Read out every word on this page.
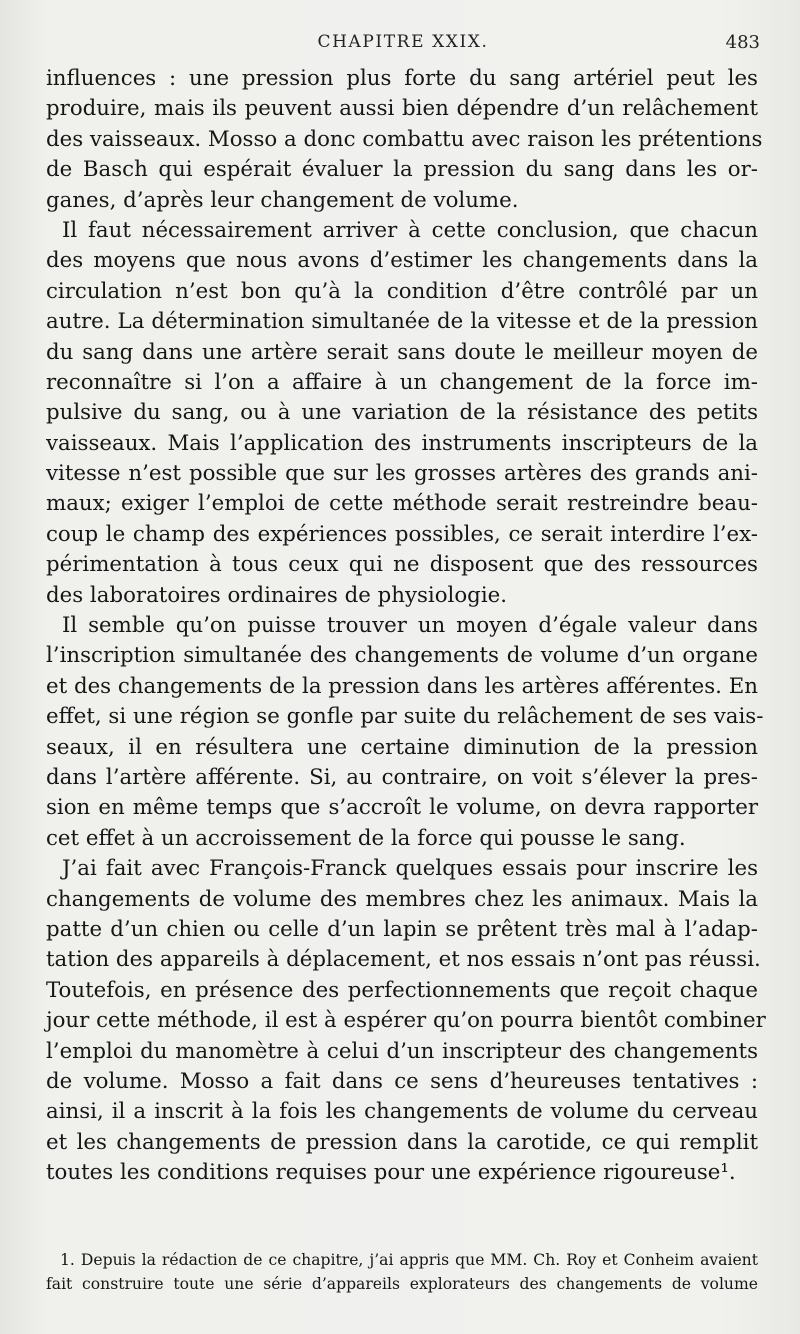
CHAPITRE XXIX.	483
influences : une pression plus forte du sang artériel peut les
produire, mais ils peuvent aussi bien dépendre d’un relâchement
des vaisseaux. Mosso a donc combattu avec raison les prétentions
de Basch qui espérait évaluer la pression du sang dans les or-
ganes, d’après leur changement de volume.
Il faut nécessairement arriver à cette conclusion, que chacun
des moyens que nous avons d’estimer les changements dans la
circulation n’est bon qu’à la condition d’être contrôlé par un
autre. La détermination simultanée de la vitesse et de la pression
du sang dans une artère serait sans doute le meilleur moyen de
reconnaître si l’on a affaire à un changement de la force im-
pulsive du sang, ou à une variation de la résistance des petits
vaisseaux. Mais l’application des instruments inscripteurs de la
vitesse n’est possible que sur les grosses artères des grands ani-
maux; exiger l’emploi de cette méthode serait restreindre beau-
coup le champ des expériences possibles, ce serait interdire l’ex-
périmentation à tous ceux qui ne disposent que des ressources
des laboratoires ordinaires de physiologie.
Il semble qu’on puisse trouver un moyen d’égale valeur dans
l’inscription simultanée des changements de volume d’un organe
et des changements de la pression dans les artères afférentes. En
effet, si une région se gonfle par suite du relâchement de ses vais-
seaux, il en résultera une certaine diminution de la pression
dans l’artère afférente. Si, au contraire, on voit s’élever la pres-
sion en même temps que s’accroît le volume, on devra rapporter
cet effet à un accroissement de la force qui pousse le sang.
J’ai fait avec François-Franck quelques essais pour inscrire les
changements de volume des membres chez les animaux. Mais la
patte d’un chien ou celle d’un lapin se prêtent très mal à l’adap-
tation des appareils à déplacement, et nos essais n’ont pas réussi.
Toutefois, en présence des perfectionnements que reçoit chaque
jour cette méthode, il est à espérer qu’on pourra bientôt combiner
l’emploi du manomètre à celui d’un inscripteur des changements
de volume. Mosso a fait dans ce sens d’heureuses tentatives :
ainsi, il a inscrit à la fois les changements de volume du cerveau
et les changements de pression dans la carotide, ce qui remplit
toutes les conditions requises pour une expérience rigoureuse¹.
1. Depuis la rédaction de ce chapitre, j’ai appris que MM. Ch. Roy et Conheim avaient
fait construire toute une série d’appareils explorateurs des changements de volume
